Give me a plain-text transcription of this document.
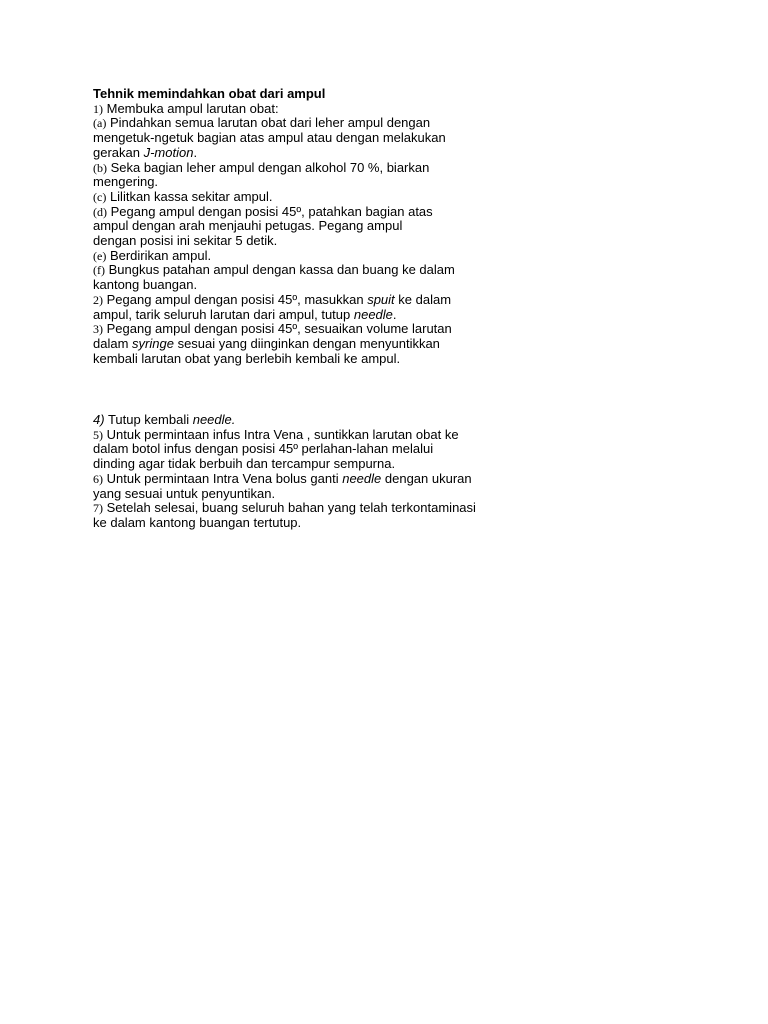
Tehnik memindahkan obat dari ampul

1) Membuka ampul larutan obat:

(a) Pindahkan semua larutan obat dari leher ampul dengan

mengetuk-ngetuk bagian atas ampul atau dengan melakukan

gerakan J-motion.

(b) Seka bagian leher ampul dengan alkohol 70 %, biarkan

mengering.

(c) Lilitkan kassa sekitar ampul.

(d) Pegang ampul dengan posisi 45º, patahkan bagian atas

ampul dengan arah menjauhi petugas. Pegang ampul

dengan posisi ini sekitar 5 detik.

(e) Berdirikan ampul.

(f) Bungkus patahan ampul dengan kassa dan buang ke dalam

kantong buangan.

2) Pegang ampul dengan posisi 45º, masukkan spuit ke dalam

ampul, tarik seluruh larutan dari ampul, tutup needle.

3) Pegang ampul dengan posisi 45º, sesuaikan volume larutan

dalam syringe sesuai yang diinginkan dengan menyuntikkan

kembali larutan obat yang berlebih kembali ke ampul.

4) Tutup kembali needle.

5) Untuk permintaan infus Intra Vena , suntikkan larutan obat ke

dalam botol infus dengan posisi 45º perlahan-lahan melalui

dinding agar tidak berbuih dan tercampur sempurna.

6) Untuk permintaan Intra Vena bolus ganti needle dengan ukuran

yang sesuai untuk penyuntikan.

7) Setelah selesai, buang seluruh bahan yang telah terkontaminasi

ke dalam kantong buangan tertutup.
